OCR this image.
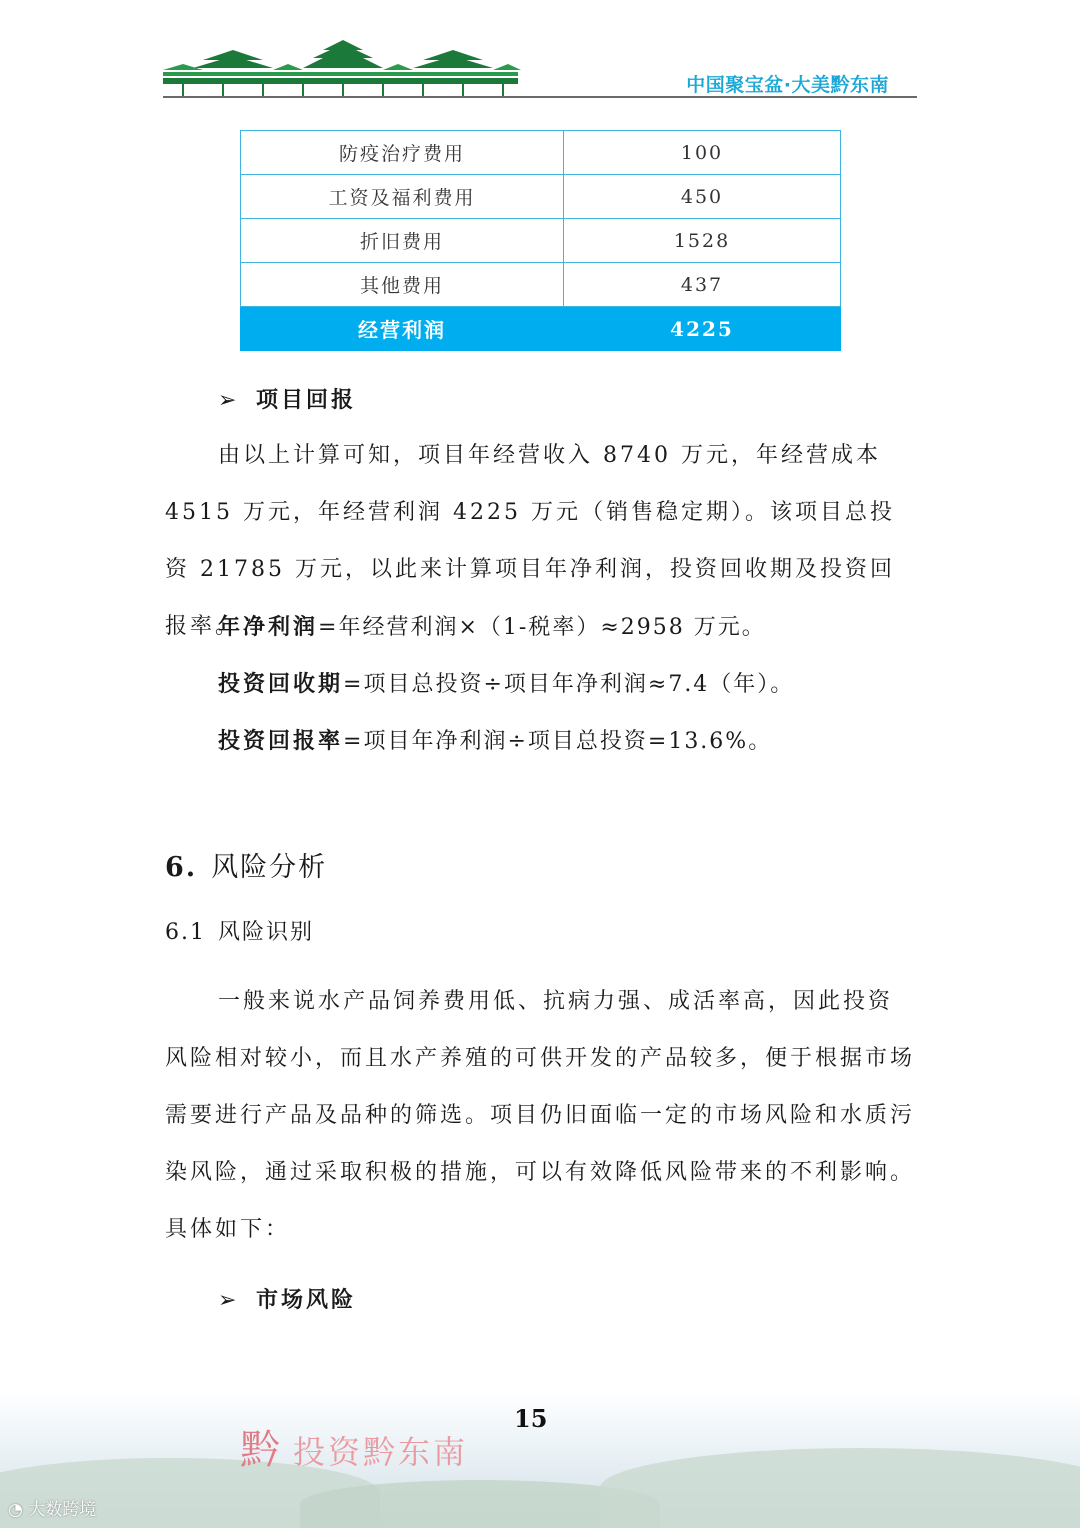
中国聚宝盆·大美黔东南
防疫治疗费用	100
工资及福利费用	450
折旧费用	1528
其他费用	437
经营利润	4225
➢ 项目回报

由以上计算可知，项目年经营收入 8740 万元，年经营成本 4515 万元，年经营利润 4225 万元（销售稳定期）。该项目总投资 21785 万元，以此来计算项目年净利润，投资回收期及投资回报率。

年净利润=年经营利润×（1-税率）≈2958 万元。
投资回收期=项目总投资÷项目年净利润≈7.4（年）。
投资回报率=项目年净利润÷项目总投资=13.6%。
6. 风险分析
6.1 风险识别

一般来说水产品饲养费用低、抗病力强、成活率高，因此投资风险相对较小，而且水产养殖的可供开发的产品较多，便于根据市场需要进行产品及品种的筛选。项目仍旧面临一定的市场风险和水质污染风险，通过采取积极的措施，可以有效降低风险带来的不利影响。具体如下：

➢ 市场风险
15
黔 投资黔东南
◔ 大数跨境
